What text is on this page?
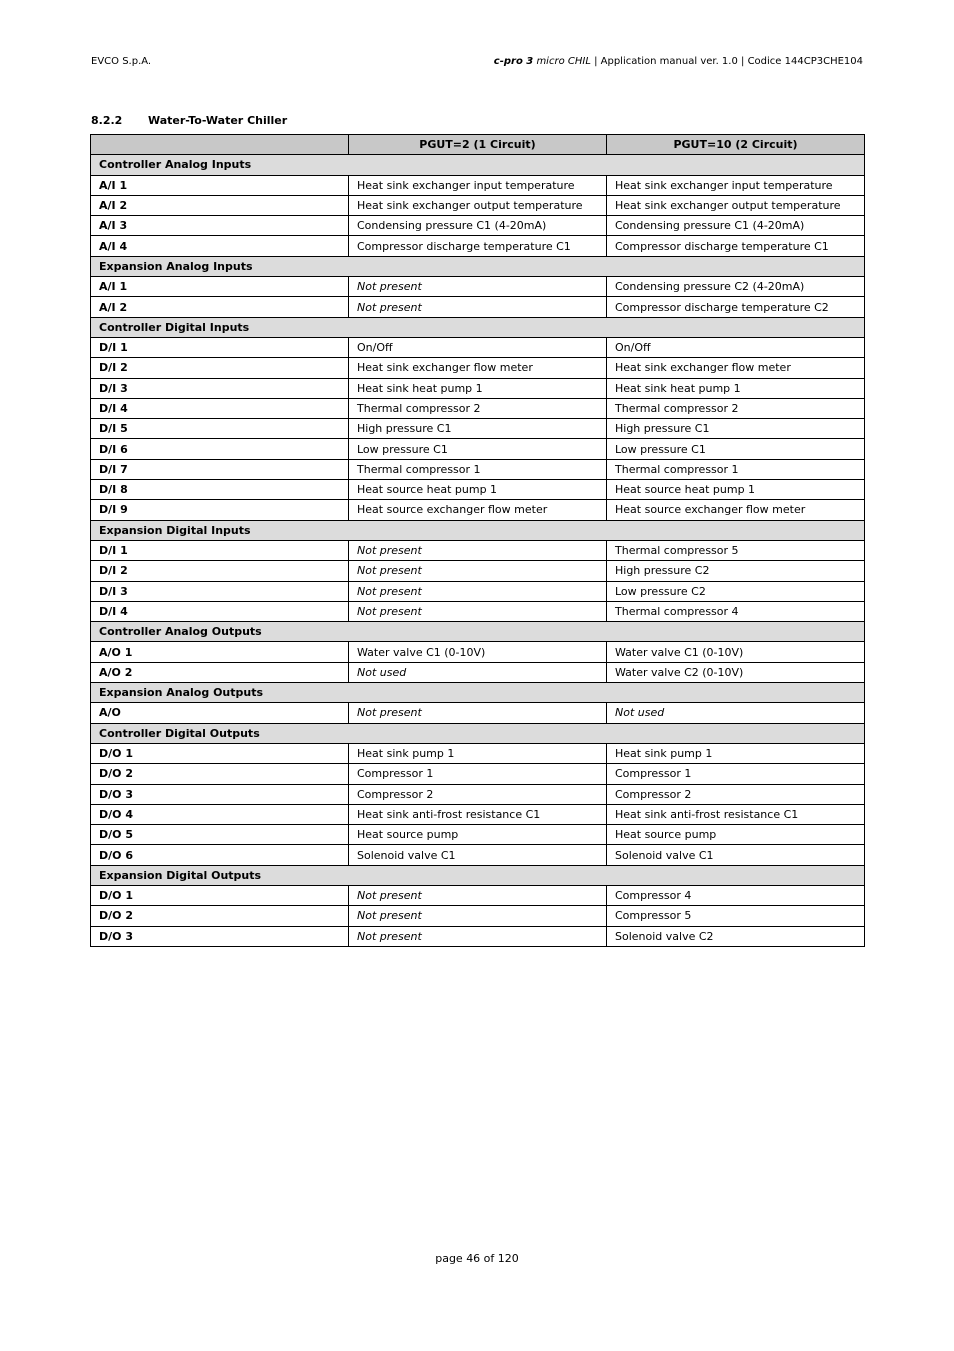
EVCO S.p.A.	c-pro 3 micro CHIL | Application manual ver. 1.0 | Codice 144CP3CHE104
8.2.2 Water-To-Water Chiller
	PGUT=2 (1 Circuit)	PGUT=10 (2 Circuit)
Controller Analog Inputs		
A/I 1	Heat sink exchanger input temperature	Heat sink exchanger input temperature
A/I 2	Heat sink exchanger output temperature	Heat sink exchanger output temperature
A/I 3	Condensing pressure C1 (4-20mA)	Condensing pressure C1 (4-20mA)
A/I 4	Compressor discharge temperature C1	Compressor discharge temperature C1
Expansion Analog Inputs		
A/I 1	Not present	Condensing pressure C2 (4-20mA)
A/I 2	Not present	Compressor discharge temperature C2
Controller Digital Inputs		
D/I 1	On/Off	On/Off
D/I 2	Heat sink exchanger flow meter	Heat sink exchanger flow meter
D/I 3	Heat sink heat pump 1	Heat sink heat pump 1
D/I 4	Thermal compressor 2	Thermal compressor 2
D/I 5	High pressure C1	High pressure C1
D/I 6	Low pressure C1	Low pressure C1
D/I 7	Thermal compressor 1	Thermal compressor 1
D/I 8	Heat source heat pump 1	Heat source heat pump 1
D/I 9	Heat source exchanger flow meter	Heat source exchanger flow meter
Expansion Digital Inputs		
D/I 1	Not present	Thermal compressor 5
D/I 2	Not present	High pressure C2
D/I 3	Not present	Low pressure C2
D/I 4	Not present	Thermal compressor 4
Controller Analog Outputs		
A/O 1	Water valve C1 (0-10V)	Water valve C1 (0-10V)
A/O 2	Not used	Water valve C2 (0-10V)
Expansion Analog Outputs		
A/O	Not present	Not used
Controller Digital Outputs		
D/O 1	Heat sink pump 1	Heat sink pump 1
D/O 2	Compressor 1	Compressor 1
D/O 3	Compressor 2	Compressor 2
D/O 4	Heat sink anti-frost resistance C1	Heat sink anti-frost resistance C1
D/O 5	Heat source pump	Heat source pump
D/O 6	Solenoid valve C1	Solenoid valve C1
Expansion Digital Outputs		
D/O 1	Not present	Compressor 4
D/O 2	Not present	Compressor 5
D/O 3	Not present	Solenoid valve C2
page 46 of 120
